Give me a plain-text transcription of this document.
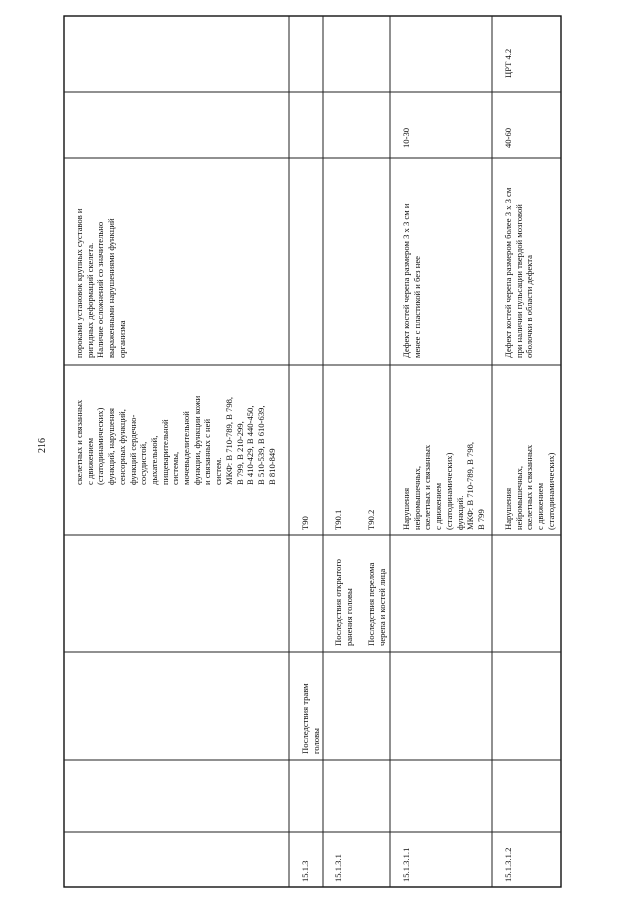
216
скелетных и связанных
с движением
(статодинамических)
функций, нарушения
сенсорных функций,
функций сердечно-
сосудистой,
дыхательной,
пищеварительной
системы,
мочевыделительной
функции, функции кожи
и связанных с ней
систем.
МКФ: В 710-789, В 798,
В 799, В 210-299,
В 410-429, В 440-450,
В 510-539, В 610-639,
В 810-849
пороками установок крупных суставов и
ригидных деформаций скелета.
Наличие осложнений со значительно
выраженными нарушениями функций
организма
15.1.3
Последствия травм
головы
Т90
15.1.3.1
Последствия открытого
ранения головы
Т90.1
Последствия перелома
черепа и костей лица
Т90.2
15.1.3.1.1
Нарушения
нейромышечных,
скелетных и связанных
с движением
(статодинамических)
функций.
МКФ: В 710-789, В 798,
В 799
Дефект костей черепа размером 3 х 3 см и
менее с пластикой и без нее
10-30
15.1.3.1.2
Нарушения
нейромышечных,
скелетных и связанных
с движением
(статодинамических)
Дефект костей черепа размером более 3 х 3 см
при наличии пульсации твердой мозговой
оболочки в области дефекта
40-60
ЦРТ 4.2
